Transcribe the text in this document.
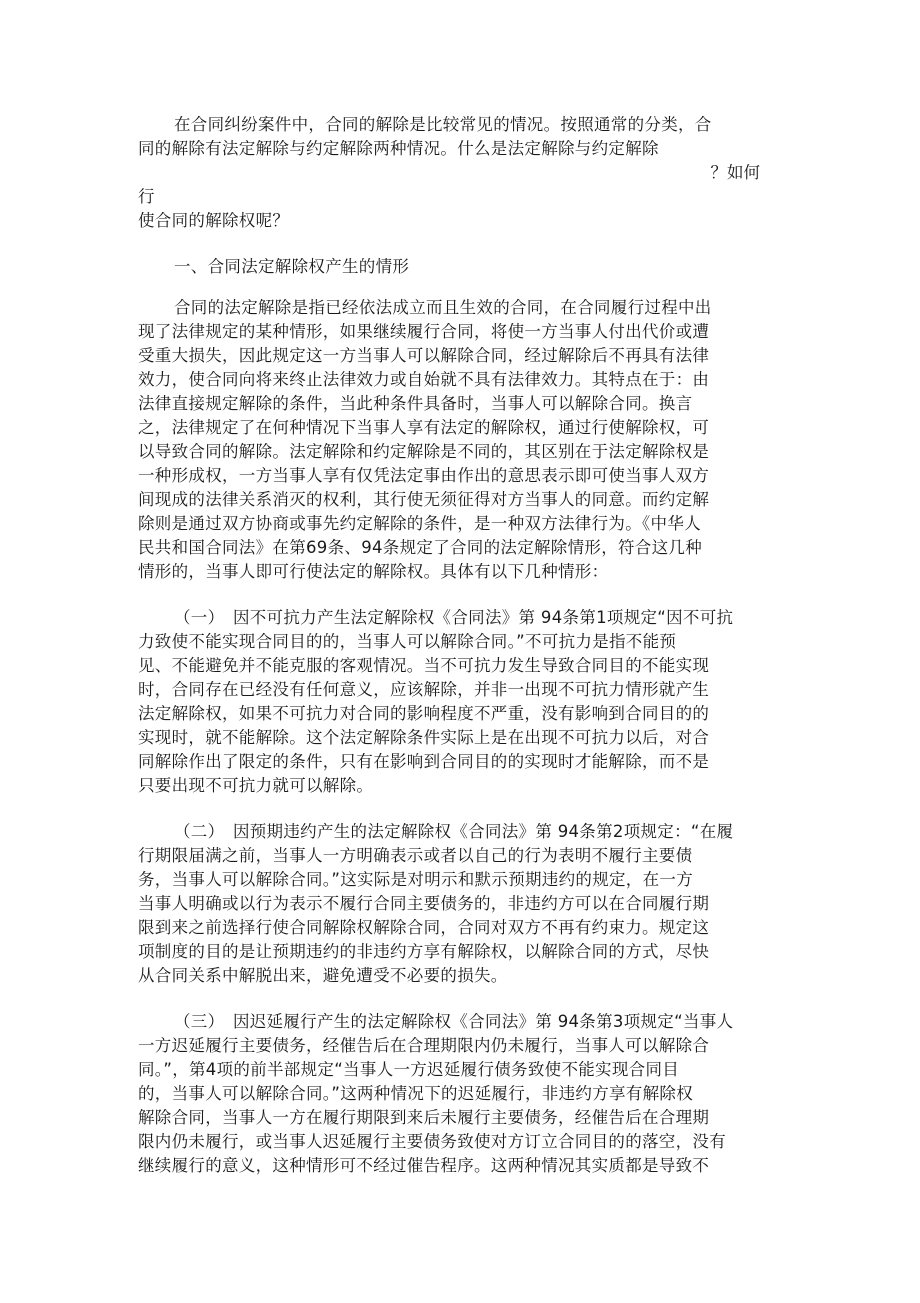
在合同纠纷案件中，合同的解除是比较常见的情况。按照通常的分类，合
同的解除有法定解除与约定解除两种情况。什么是法定解除与约定解除
？如何
行
使合同的解除权呢？
一、合同法定解除权产生的情形
合同的法定解除是指已经依法成立而且生效的合同，在合同履行过程中出
现了法律规定的某种情形，如果继续履行合同，将使一方当事人付出代价或遭
受重大损失，因此规定这一方当事人可以解除合同，经过解除后不再具有法律
效力，使合同向将来终止法律效力或自始就不具有法律效力。其特点在于：由
法律直接规定解除的条件，当此种条件具备时，当事人可以解除合同。换言
之，法律规定了在何种情况下当事人享有法定的解除权，通过行使解除权，可
以导致合同的解除。法定解除和约定解除是不同的，其区别在于法定解除权是
一种形成权，一方当事人享有仅凭法定事由作出的意思表示即可使当事人双方
间现成的法律关系消灭的权利，其行使无须征得对方当事人的同意。而约定解
除则是通过双方协商或事先约定解除的条件，是一种双方法律行为。《中华人
民共和国合同法》在第69条、94条规定了合同的法定解除情形，符合这几种
情形的，当事人即可行使法定的解除权。具体有以下几种情形：
（一）　因不可抗力产生法定解除权《合同法》第 94条第1项规定“因不可抗
力致使不能实现合同目的的，当事人可以解除合同。”不可抗力是指不能预
见、不能避免并不能克服的客观情况。当不可抗力发生导致合同目的不能实现
时，合同存在已经没有任何意义，应该解除，并非一出现不可抗力情形就产生
法定解除权，如果不可抗力对合同的影响程度不严重，没有影响到合同目的的
实现时，就不能解除。这个法定解除条件实际上是在出现不可抗力以后，对合
同解除作出了限定的条件，只有在影响到合同目的的实现时才能解除，而不是
只要出现不可抗力就可以解除。
（二）　因预期违约产生的法定解除权《合同法》第 94条第2项规定：“在履
行期限届满之前，当事人一方明确表示或者以自己的行为表明不履行主要债
务，当事人可以解除合同。”这实际是对明示和默示预期违约的规定，在一方
当事人明确或以行为表示不履行合同主要债务的，非违约方可以在合同履行期
限到来之前选择行使合同解除权解除合同，合同对双方不再有约束力。规定这
项制度的目的是让预期违约的非违约方享有解除权，以解除合同的方式，尽快
从合同关系中解脱出来，避免遭受不必要的损失。
（三）　因迟延履行产生的法定解除权《合同法》第 94条第3项规定“当事人
一方迟延履行主要债务，经催告后在合理期限内仍未履行，当事人可以解除合
同。”，第4项的前半部规定“当事人一方迟延履行债务致使不能实现合同目
的，当事人可以解除合同。”这两种情况下的迟延履行，非违约方享有解除权
解除合同，当事人一方在履行期限到来后未履行主要债务，经催告后在合理期
限内仍未履行，或当事人迟延履行主要债务致使对方订立合同目的的落空，没有
继续履行的意义，这种情形可不经过催告程序。这两种情况其实质都是导致不
